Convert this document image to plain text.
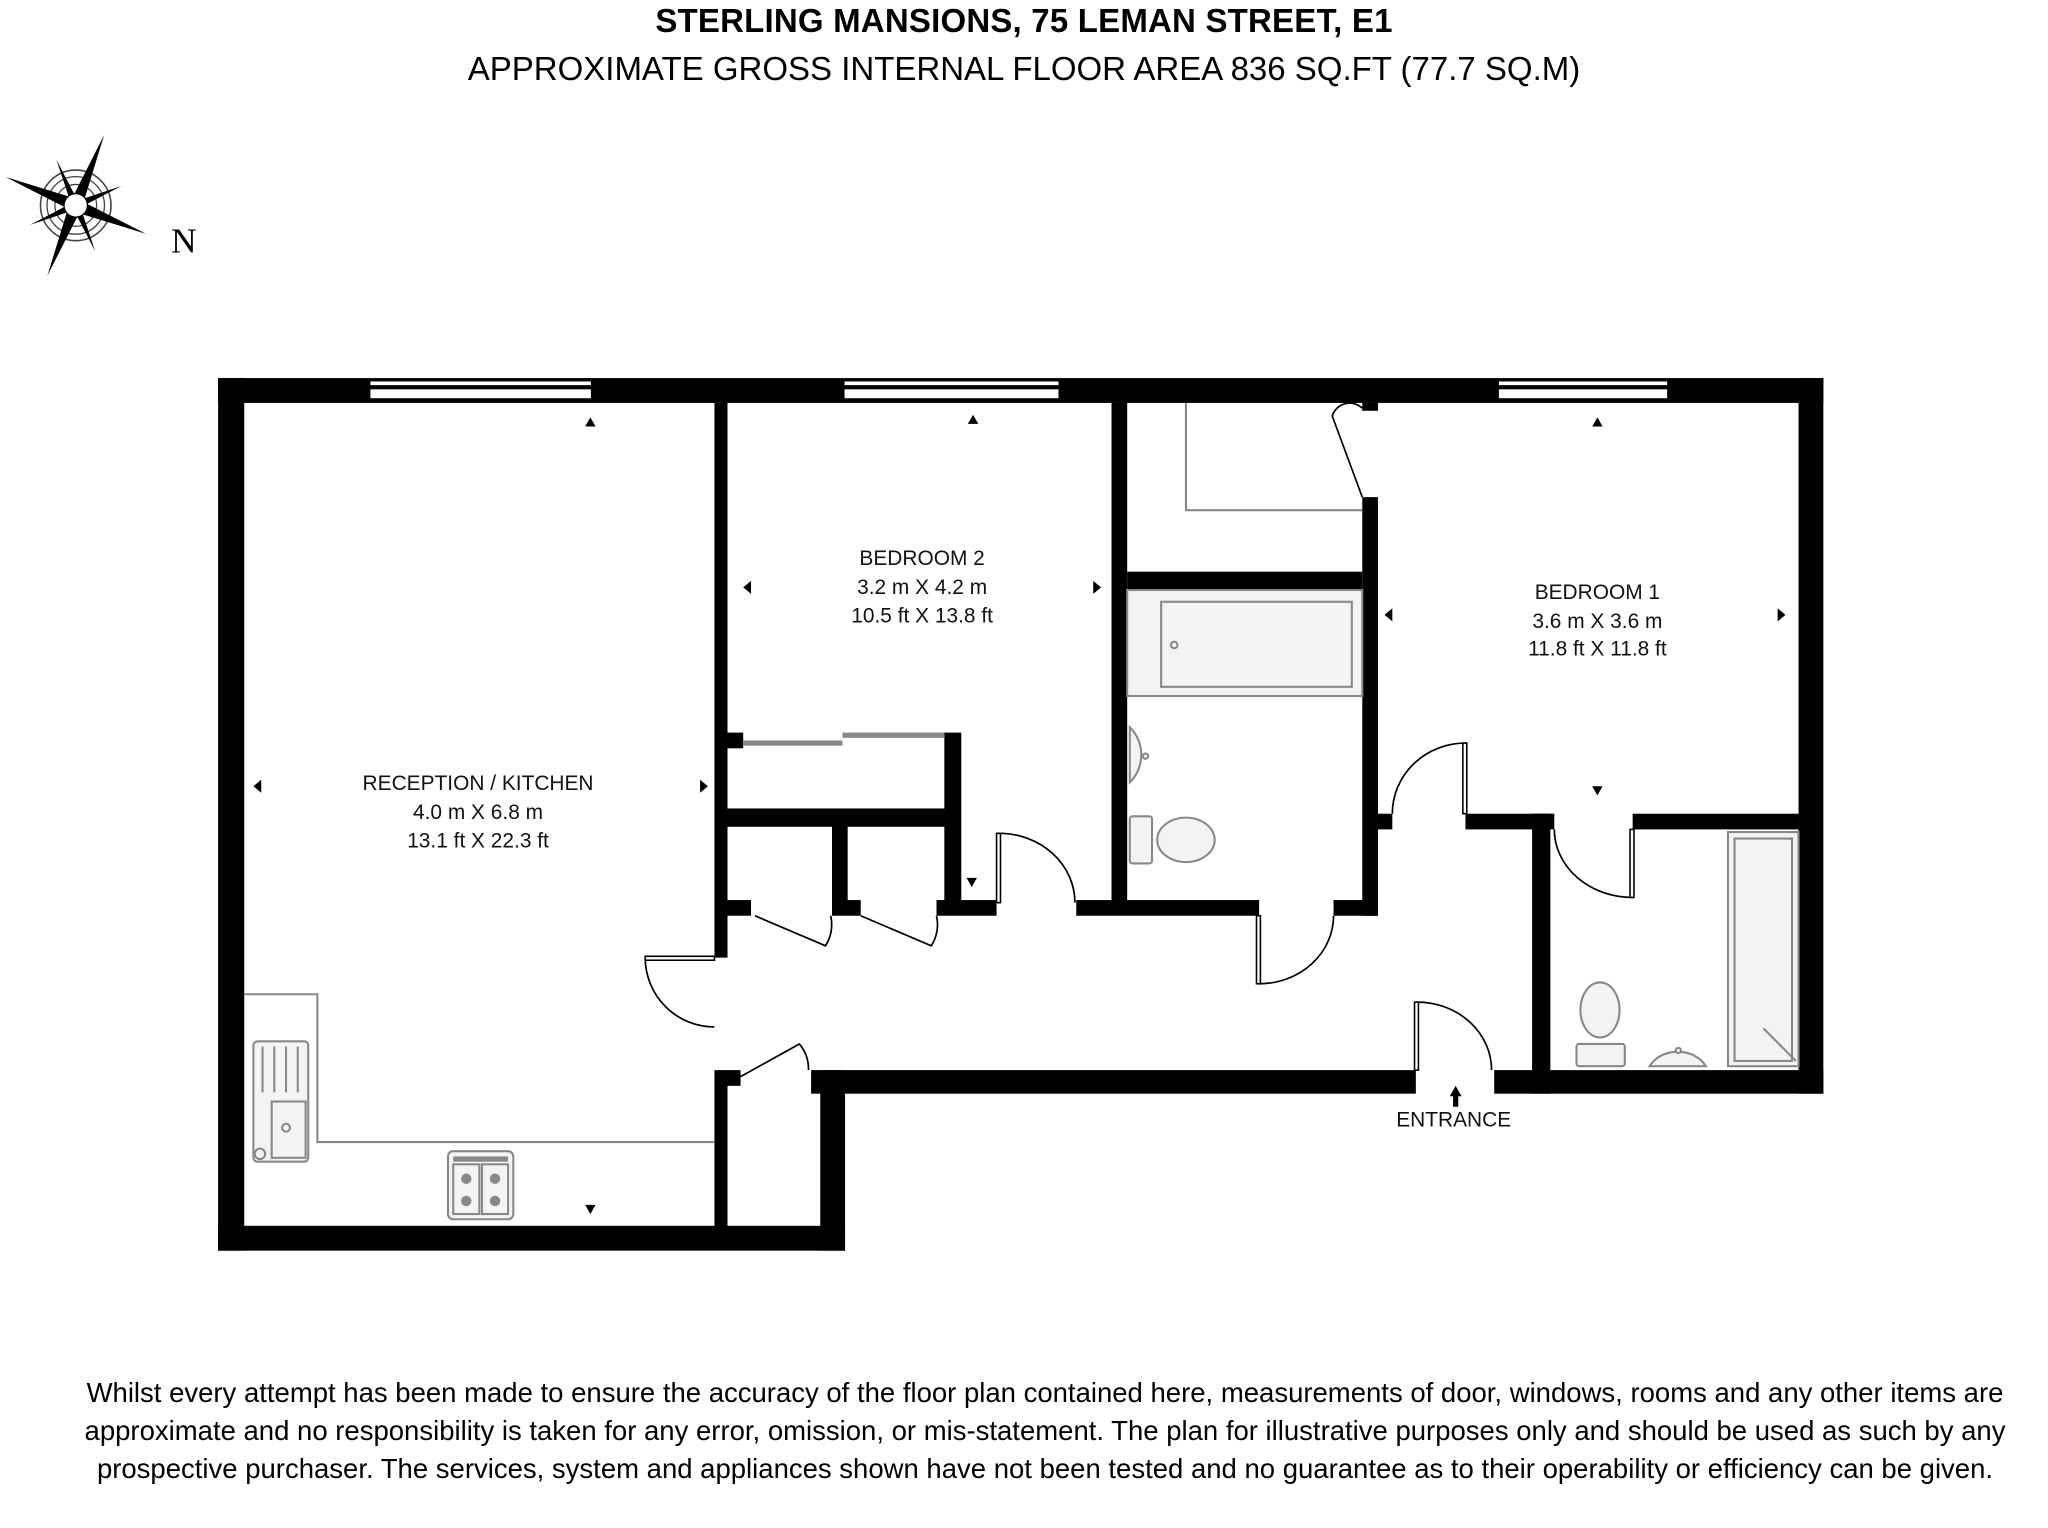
STERLING MANSIONS, 75 LEMAN STREET, E1
APPROXIMATE GROSS INTERNAL FLOOR AREA 836 SQ.FT (77.7 SQ.M)
N
RECEPTION / KITCHEN
4.0 m X 6.8 m
13.1 ft X 22.3 ft
BEDROOM 2
3.2 m X 4.2 m
10.5 ft X 13.8 ft
BEDROOM 1
3.6 m X 3.6 m
11.8 ft X 11.8 ft
ENTRANCE
Whilst every attempt has been made to ensure the accuracy of the floor plan contained here, measurements of door, windows, rooms and any other items are approximate and no responsibility is taken for any error, omission, or mis-statement. The plan for illustrative purposes only and should be used as such by any prospective purchaser. The services, system and appliances shown have not been tested and no guarantee as to their operability or efficiency can be given.
